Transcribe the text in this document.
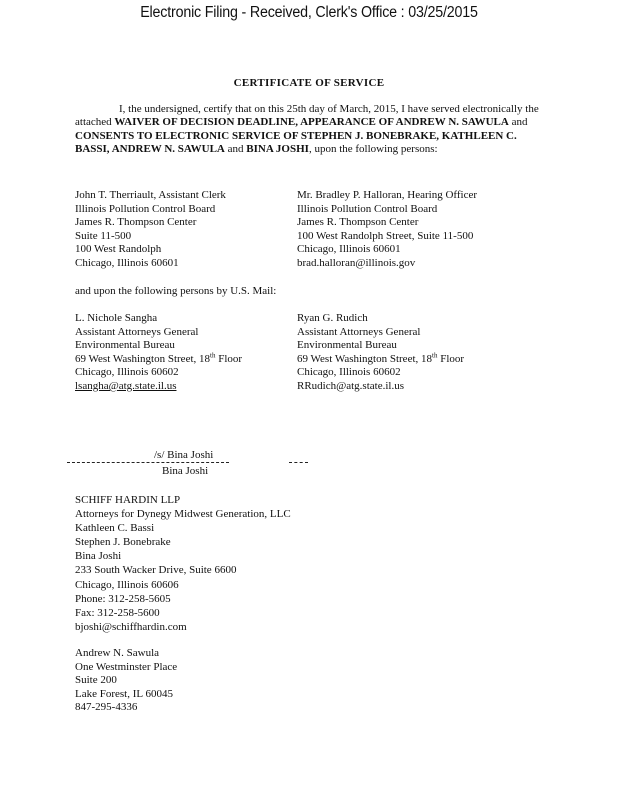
Electronic Filing - Received, Clerk's Office : 03/25/2015
CERTIFICATE OF SERVICE
I, the undersigned, certify that on this 25th day of March, 2015, I have served electronically the attached WAIVER OF DECISION DEADLINE, APPEARANCE OF ANDREW N. SAWULA and CONSENTS TO ELECTRONIC SERVICE OF STEPHEN J. BONEBRAKE, KATHLEEN C. BASSI, ANDREW N. SAWULA and BINA JOSHI, upon the following persons:
John T. Therriault, Assistant Clerk
Illinois Pollution Control Board
James R. Thompson Center
Suite 11-500
100 West Randolph
Chicago, Illinois 60601
Mr. Bradley P. Halloran, Hearing Officer
Illinois Pollution Control Board
James R. Thompson Center
100 West Randolph Street, Suite 11-500
Chicago, Illinois 60601
brad.halloran@illinois.gov
and upon the following persons by U.S. Mail:
L. Nichole Sangha
Assistant Attorneys General
Environmental Bureau
69 West Washington Street, 18th Floor
Chicago, Illinois 60602
lsangha@atg.state.il.us
Ryan G. Rudich
Assistant Attorneys General
Environmental Bureau
69 West Washington Street, 18th Floor
Chicago, Illinois 60602
RRudich@atg.state.il.us
/s/ Bina Joshi
Bina Joshi
SCHIFF HARDIN LLP
Attorneys for Dynegy Midwest Generation, LLC
Kathleen C. Bassi
Stephen J. Bonebrake
Bina Joshi
233 South Wacker Drive, Suite 6600
Chicago, Illinois 60606
Phone: 312-258-5605
Fax: 312-258-5600
bjoshi@schiffhardin.com
Andrew N. Sawula
One Westminster Place
Suite 200
Lake Forest, IL 60045
847-295-4336
